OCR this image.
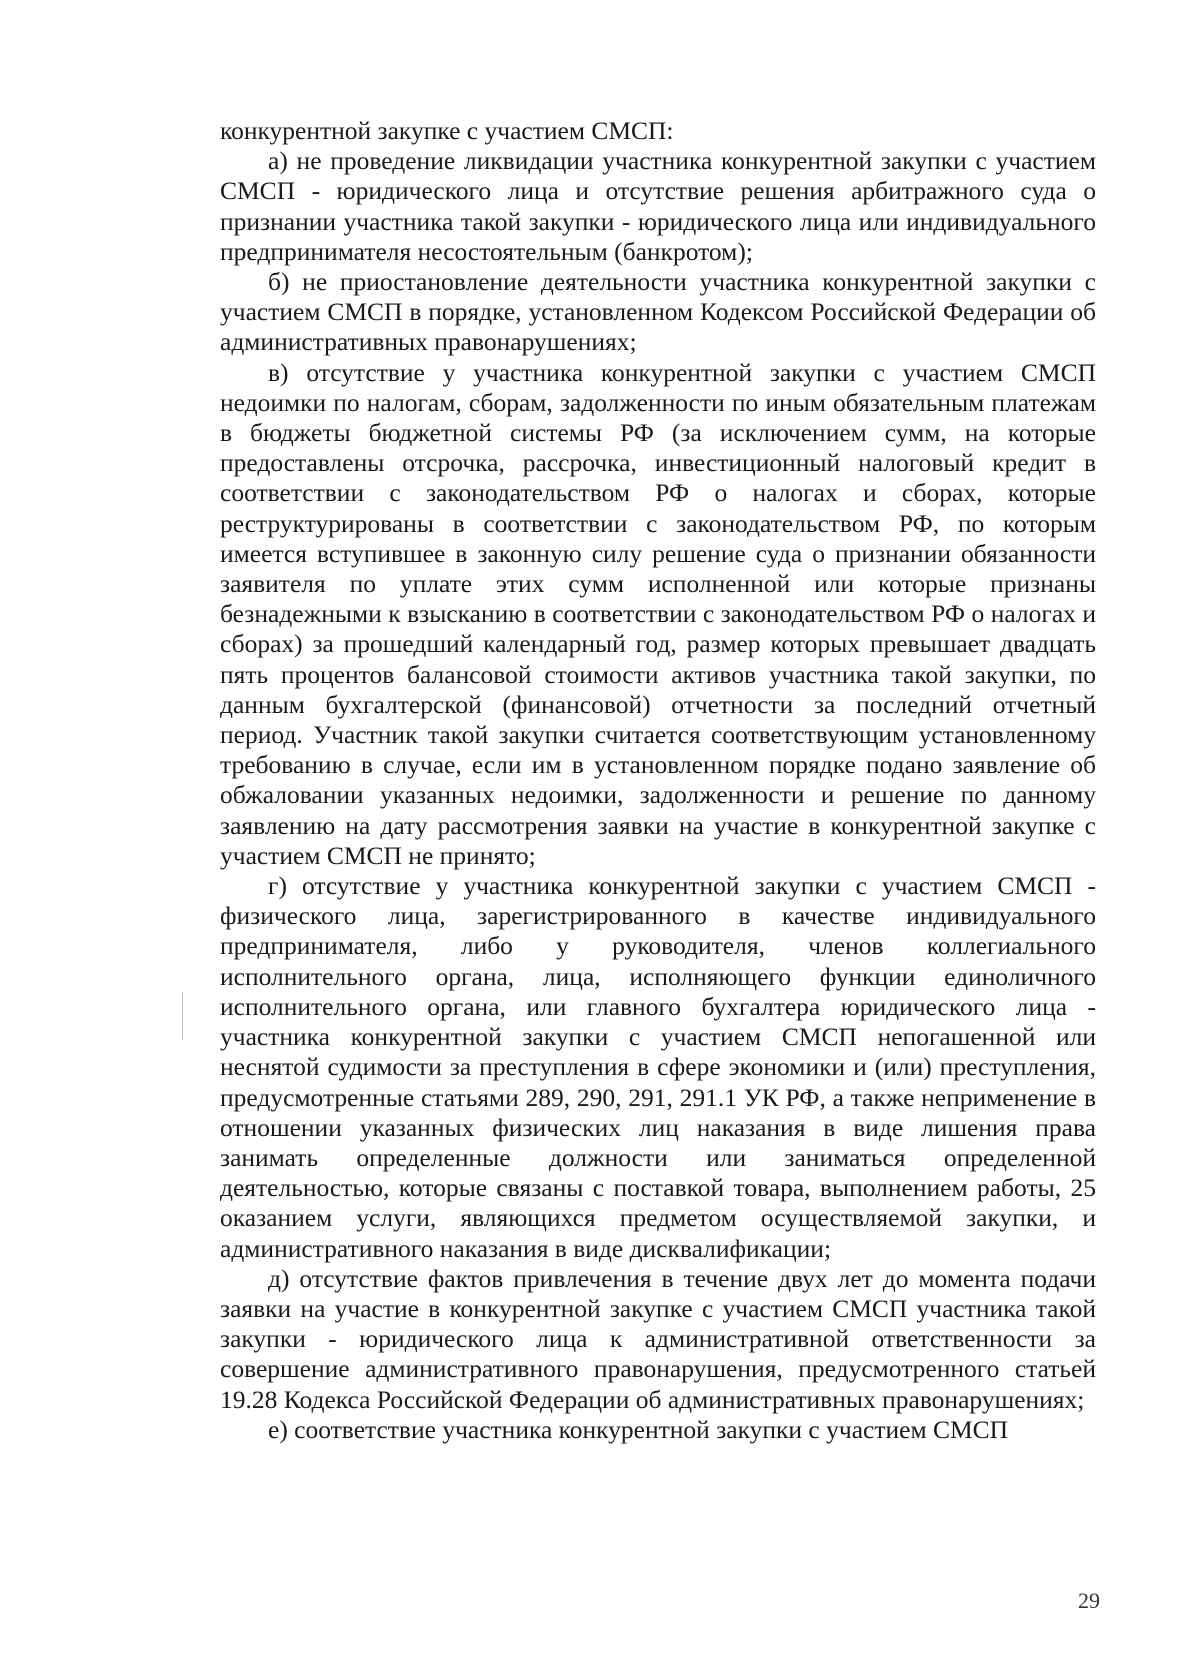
конкурентной закупке с участием СМСП:

а) не проведение ликвидации участника конкурентной закупки с участием СМСП - юридического лица и отсутствие решения арбитражного суда о признании участника такой закупки - юридического лица или индивидуального предпринимателя несостоятельным (банкротом);

б) не приостановление деятельности участника конкурентной закупки с участием СМСП в порядке, установленном Кодексом Российской Федерации об административных правонарушениях;

в) отсутствие у участника конкурентной закупки с участием СМСП недоимки по налогам, сборам, задолженности по иным обязательным платежам в бюджеты бюджетной системы РФ (за исключением сумм, на которые предоставлены отсрочка, рассрочка, инвестиционный налоговый кредит в соответствии с законодательством РФ о налогах и сборах, которые реструктурированы в соответствии с законодательством РФ, по которым имеется вступившее в законную силу решение суда о признании обязанности заявителя по уплате этих сумм исполненной или которые признаны безнадежными к взысканию в соответствии с законодательством РФ о налогах и сборах) за прошедший календарный год, размер которых превышает двадцать пять процентов балансовой стоимости активов участника такой закупки, по данным бухгалтерской (финансовой) отчетности за последний отчетный период. Участник такой закупки считается соответствующим установленному требованию в случае, если им в установленном порядке подано заявление об обжаловании указанных недоимки, задолженности и решение по данному заявлению на дату рассмотрения заявки на участие в конкурентной закупке с участием СМСП не принято;

г) отсутствие у участника конкурентной закупки с участием СМСП - физического лица, зарегистрированного в качестве индивидуального предпринимателя, либо у руководителя, членов коллегиального исполнительного органа, лица, исполняющего функции единоличного исполнительного органа, или главного бухгалтера юридического лица - участника конкурентной закупки с участием СМСП непогашенной или неснятой судимости за преступления в сфере экономики и (или) преступления, предусмотренные статьями 289, 290, 291, 291.1 УК РФ, а также неприменение в отношении указанных физических лиц наказания в виде лишения права занимать определенные должности или заниматься определенной деятельностью, которые связаны с поставкой товара, выполнением работы, 25 оказанием услуги, являющихся предметом осуществляемой закупки, и административного наказания в виде дисквалификации;

д) отсутствие фактов привлечения в течение двух лет до момента подачи заявки на участие в конкурентной закупке с участием СМСП участника такой закупки - юридического лица к административной ответственности за совершение административного правонарушения, предусмотренного статьей 19.28 Кодекса Российской Федерации об административных правонарушениях;

е) соответствие участника конкурентной закупки с участием СМСП

29
